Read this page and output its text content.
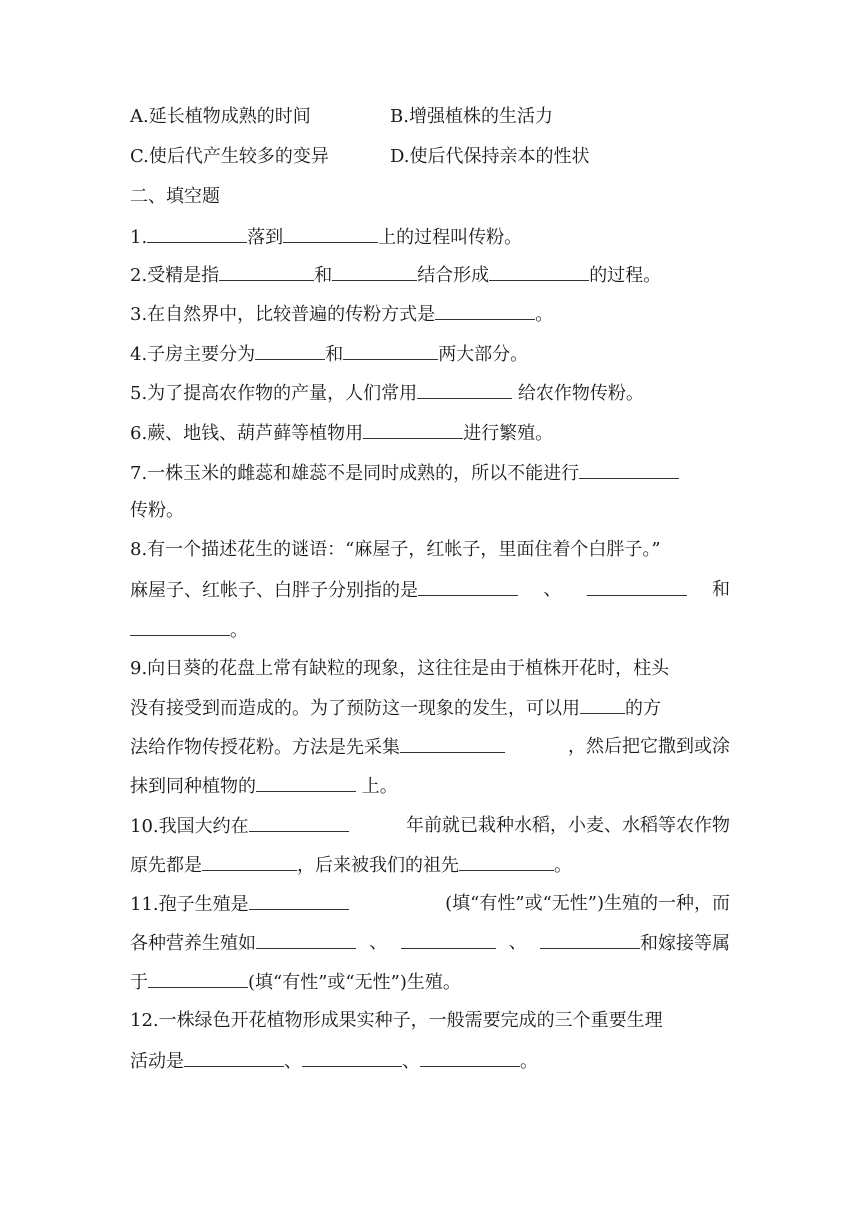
A.延长植物成熟的时间	B.增强植株的生活力
C.使后代产生较多的变异	D.使后代保持亲本的性状
二、填空题
1.	落到	上的过程叫传粉。
2.受精是指	和	结合形成	的过程。
3.在自然界中，比较普遍的传粉方式是	。
4.子房主要分为	和	两大部分。
5.为了提高农作物的产量，人们常用	给农作物传粉。
6.蕨、地钱、葫芦藓等植物用	进行繁殖。
7.一株玉米的雌蕊和雄蕊不是同时成熟的，所以不能进行
传粉。
8.有一个描述花生的谜语：“麻屋子，红帐子，里面住着个白胖子。”
麻屋子、红帐子、白胖子分别指的是	、	和
。
9.向日葵的花盘上常有缺粒的现象，这往往是由于植株开花时，柱头
没有接受到而造成的。为了预防这一现象的发生，可以用	的方
法给作物传授花粉。方法是先采集	，然后把它撒到或涂
抹到同种植物的	上。
10.我国大约在	年前就已栽种水稻，小麦、水稻等农作物
原先都是	，后来被我们的祖先	。
11.孢子生殖是	(填“有性”或“无性”)生殖的一种，而
各种营养生殖如	、	、	和嫁接等属
于	(填“有性”或“无性”)生殖。
12.一株绿色开花植物形成果实种子，一般需要完成的三个重要生理
活动是	、	、	。
